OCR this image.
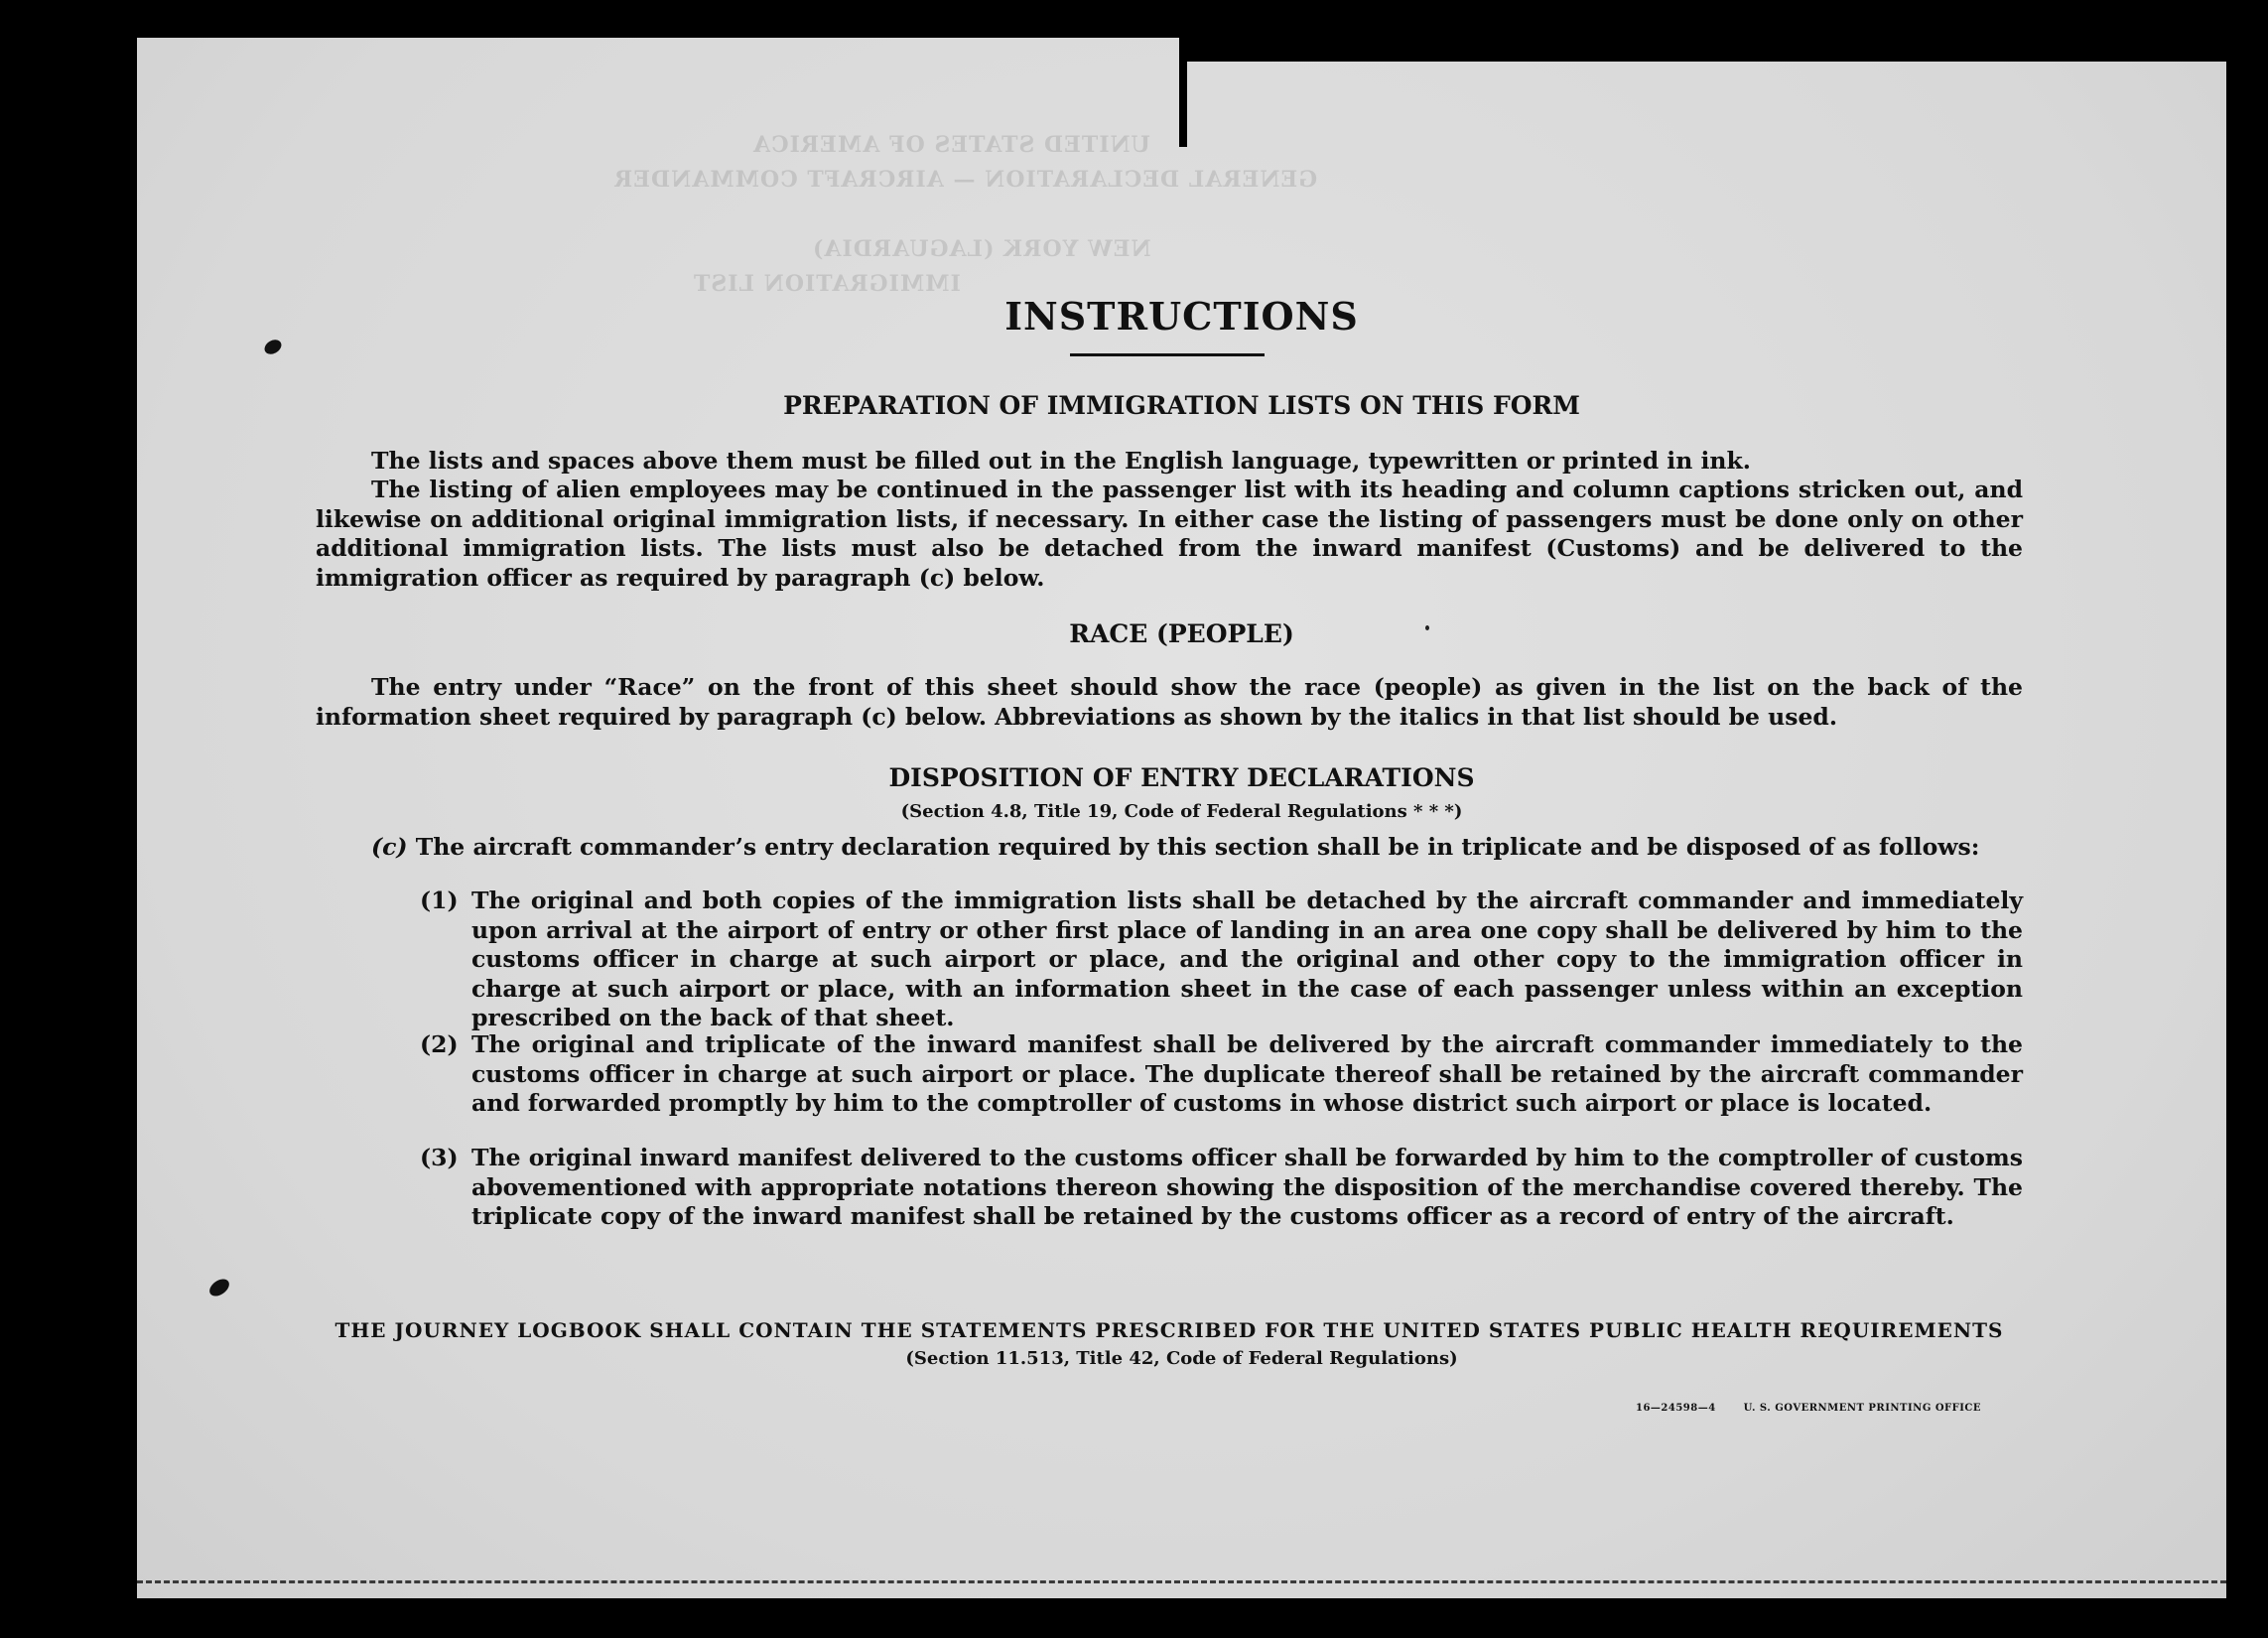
UNITED STATES OF AMERICA
GENERAL DECLARATION — AIRCRAFT COMMANDER
NEW YORK (LAGUARDIA)
IMMIGRATION LIST
INSTRUCTIONS
PREPARATION OF IMMIGRATION LISTS ON THIS FORM
The lists and spaces above them must be filled out in the English language, typewritten or printed in ink.
The listing of alien employees may be continued in the passenger list with its heading and column captions stricken out, and likewise on additional original immigration lists, if necessary. In either case the listing of passengers must be done only on other additional immigration lists. The lists must also be detached from the inward manifest (Customs) and be delivered to the immigration officer as required by paragraph (c) below.
RACE (PEOPLE)
The entry under “Race” on the front of this sheet should show the race (people) as given in the list on the back of the information sheet required by paragraph (c) below. Abbreviations as shown by the italics in that list should be used.
DISPOSITION OF ENTRY DECLARATIONS
(Section 4.8, Title 19, Code of Federal Regulations * * *)
(c) The aircraft commander’s entry declaration required by this section shall be in triplicate and be disposed of as follows:
(1) The original and both copies of the immigration lists shall be detached by the aircraft commander and immediately upon arrival at the airport of entry or other first place of landing in an area one copy shall be delivered by him to the customs officer in charge at such airport or place, and the original and other copy to the immigration officer in charge at such airport or place, with an information sheet in the case of each passenger unless within an exception prescribed on the back of that sheet.
(2) The original and triplicate of the inward manifest shall be delivered by the aircraft commander immediately to the customs officer in charge at such airport or place. The duplicate thereof shall be retained by the aircraft commander and forwarded promptly by him to the comptroller of customs in whose district such airport or place is located.
(3) The original inward manifest delivered to the customs officer shall be forwarded by him to the comptroller of customs abovementioned with appropriate notations thereon showing the disposition of the merchandise covered thereby. The triplicate copy of the inward manifest shall be retained by the customs officer as a record of entry of the aircraft.
THE JOURNEY LOGBOOK SHALL CONTAIN THE STATEMENTS PRESCRIBED FOR THE UNITED STATES PUBLIC HEALTH REQUIREMENTS
(Section 11.513, Title 42, Code of Federal Regulations)
16—24598—4	U. S. GOVERNMENT PRINTING OFFICE
